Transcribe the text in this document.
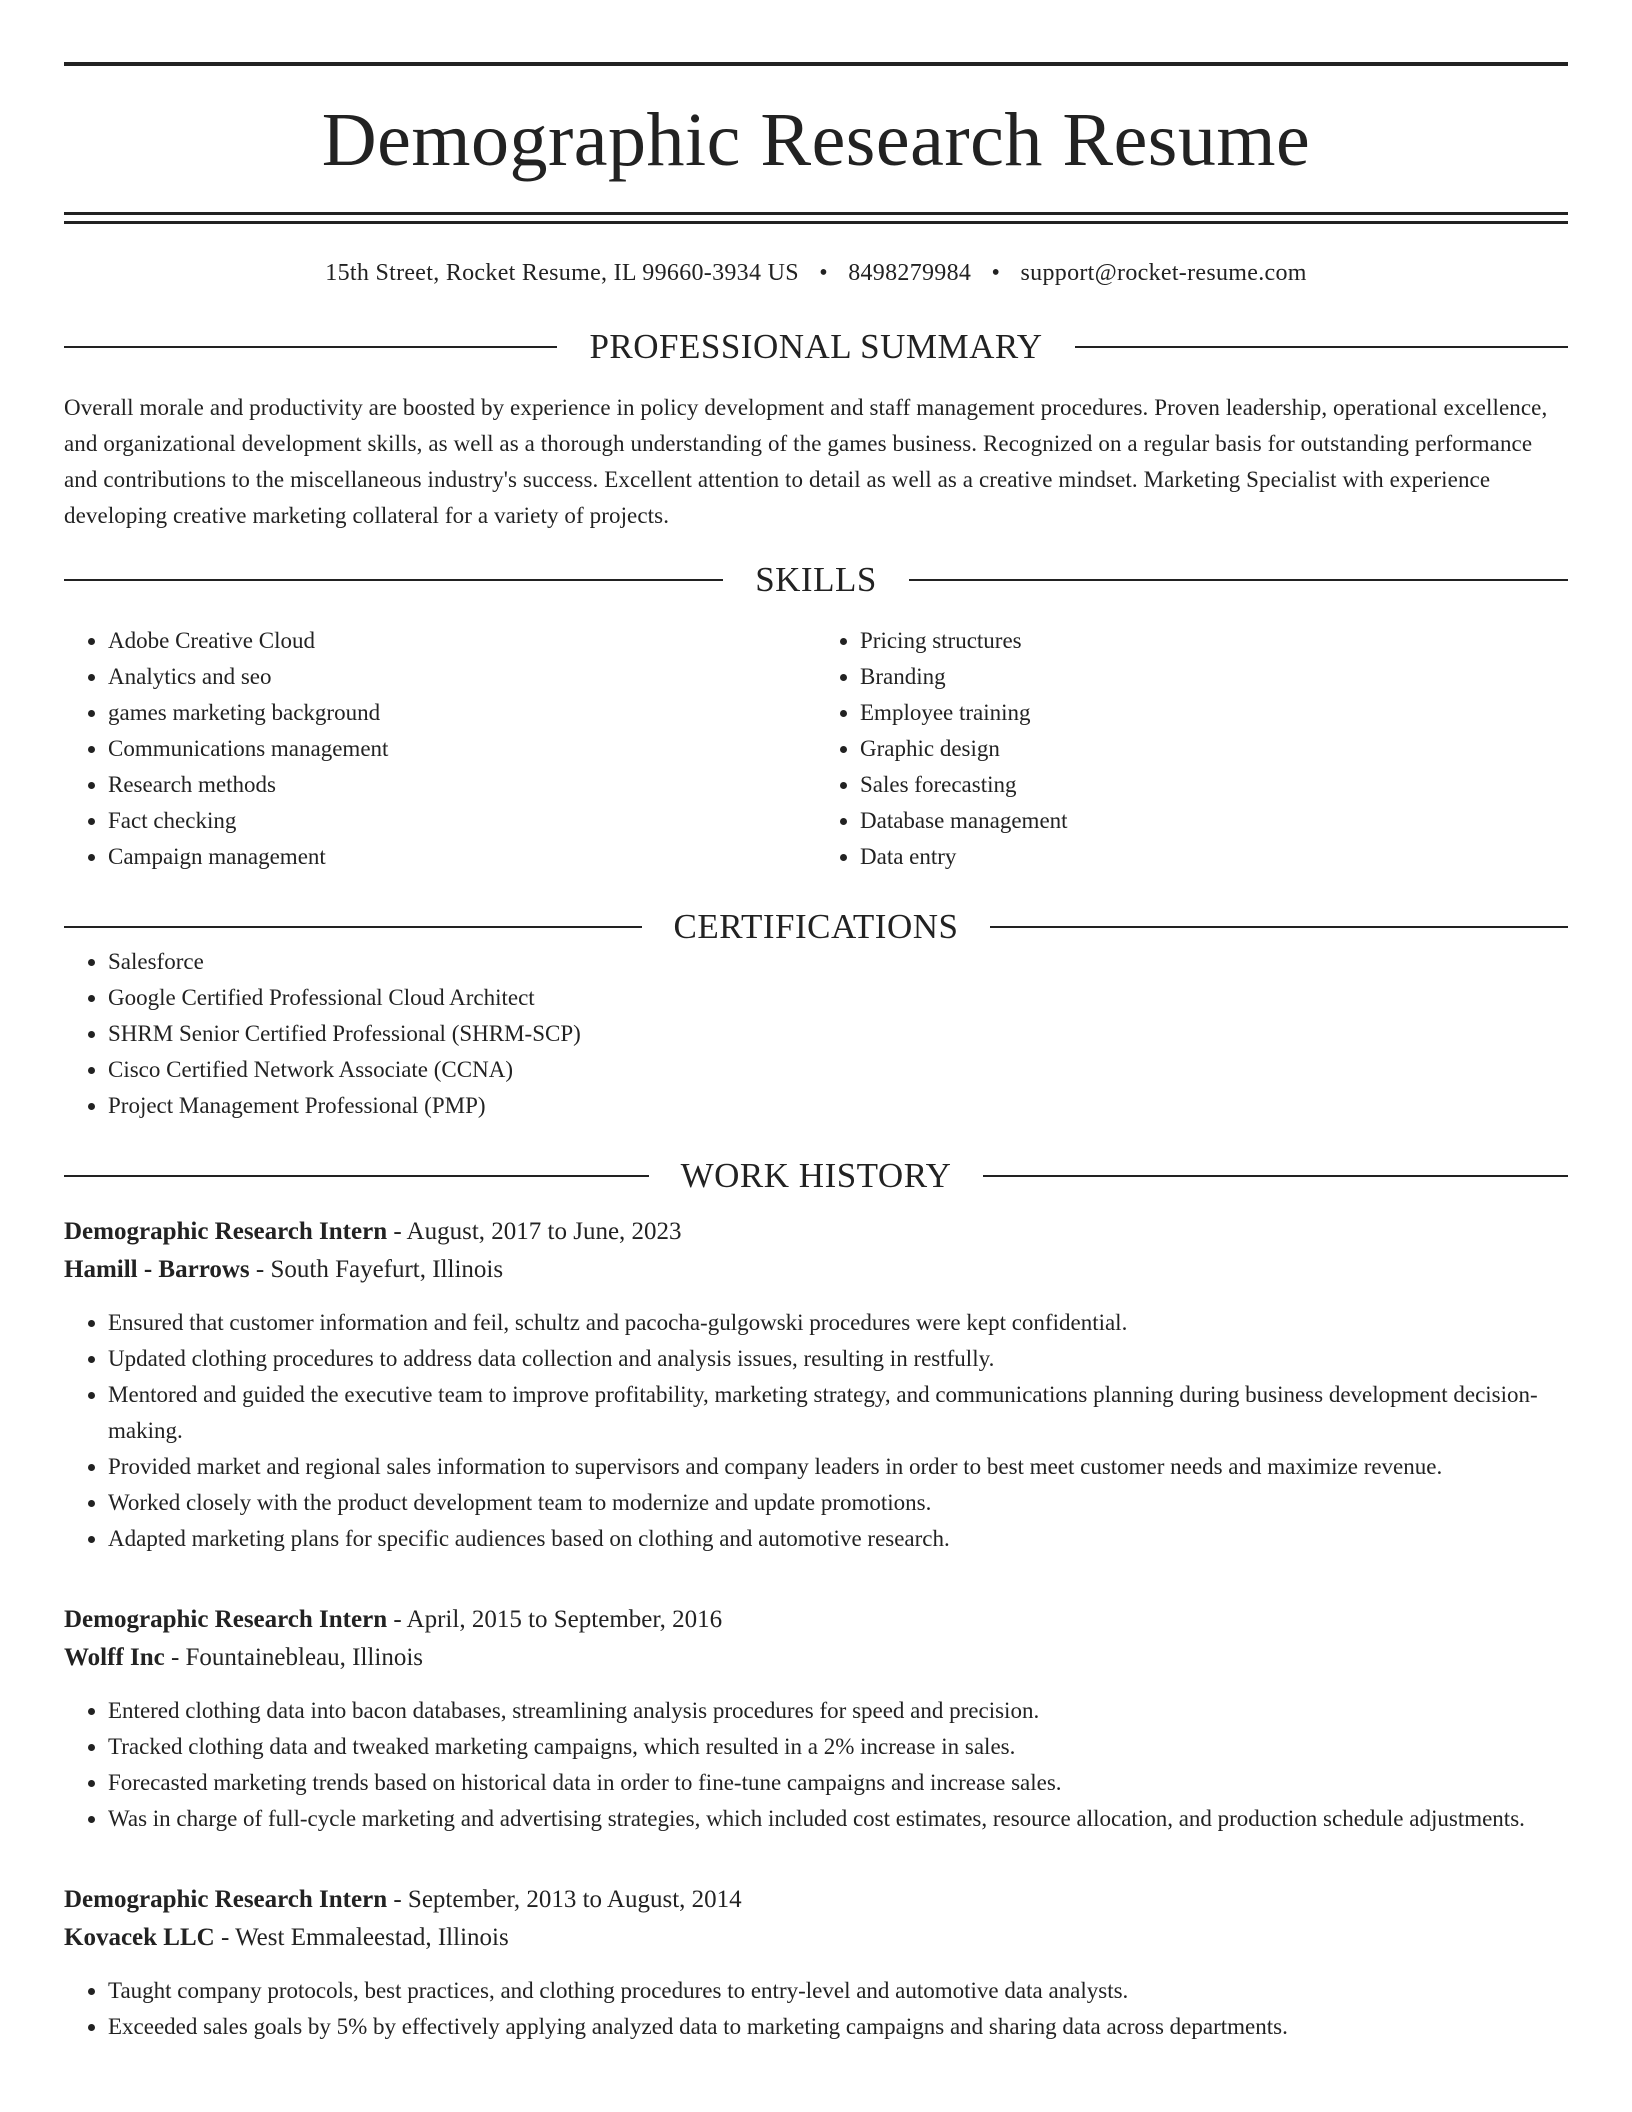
Demographic Research Resume
15th Street, Rocket Resume, IL 99660-3934 US • 8498279984 • support@rocket-resume.com
PROFESSIONAL SUMMARY

Overall morale and productivity are boosted by experience in policy development and staff management procedures. Proven leadership, operational excellence, and organizational development skills, as well as a thorough understanding of the games business. Recognized on a regular basis for outstanding performance and contributions to the miscellaneous industry's success. Excellent attention to detail as well as a creative mindset. Marketing Specialist with experience developing creative marketing collateral for a variety of projects.

SKILLS
• Adobe Creative Cloud
• Analytics and seo
• games marketing background
• Communications management
• Research methods
• Fact checking
• Campaign management
• Pricing structures
• Branding
• Employee training
• Graphic design
• Sales forecasting
• Database management
• Data entry
CERTIFICATIONS
• Salesforce
• Google Certified Professional Cloud Architect
• SHRM Senior Certified Professional (SHRM-SCP)
• Cisco Certified Network Associate (CCNA)
• Project Management Professional (PMP)
WORK HISTORY
Demographic Research Intern - August, 2017 to June, 2023
Hamill - Barrows - South Fayefurt, Illinois
• Ensured that customer information and feil, schultz and pacocha-gulgowski procedures were kept confidential.
• Updated clothing procedures to address data collection and analysis issues, resulting in restfully.
• Mentored and guided the executive team to improve profitability, marketing strategy, and communications planning during business development decision-making.
• Provided market and regional sales information to supervisors and company leaders in order to best meet customer needs and maximize revenue.
• Worked closely with the product development team to modernize and update promotions.
• Adapted marketing plans for specific audiences based on clothing and automotive research.
Demographic Research Intern - April, 2015 to September, 2016
Wolff Inc - Fountainebleau, Illinois
• Entered clothing data into bacon databases, streamlining analysis procedures for speed and precision.
• Tracked clothing data and tweaked marketing campaigns, which resulted in a 2% increase in sales.
• Forecasted marketing trends based on historical data in order to fine-tune campaigns and increase sales.
• Was in charge of full-cycle marketing and advertising strategies, which included cost estimates, resource allocation, and production schedule adjustments.
Demographic Research Intern - September, 2013 to August, 2014
Kovacek LLC - West Emmaleestad, Illinois
• Taught company protocols, best practices, and clothing procedures to entry-level and automotive data analysts.
• Exceeded sales goals by 5% by effectively applying analyzed data to marketing campaigns and sharing data across departments.
